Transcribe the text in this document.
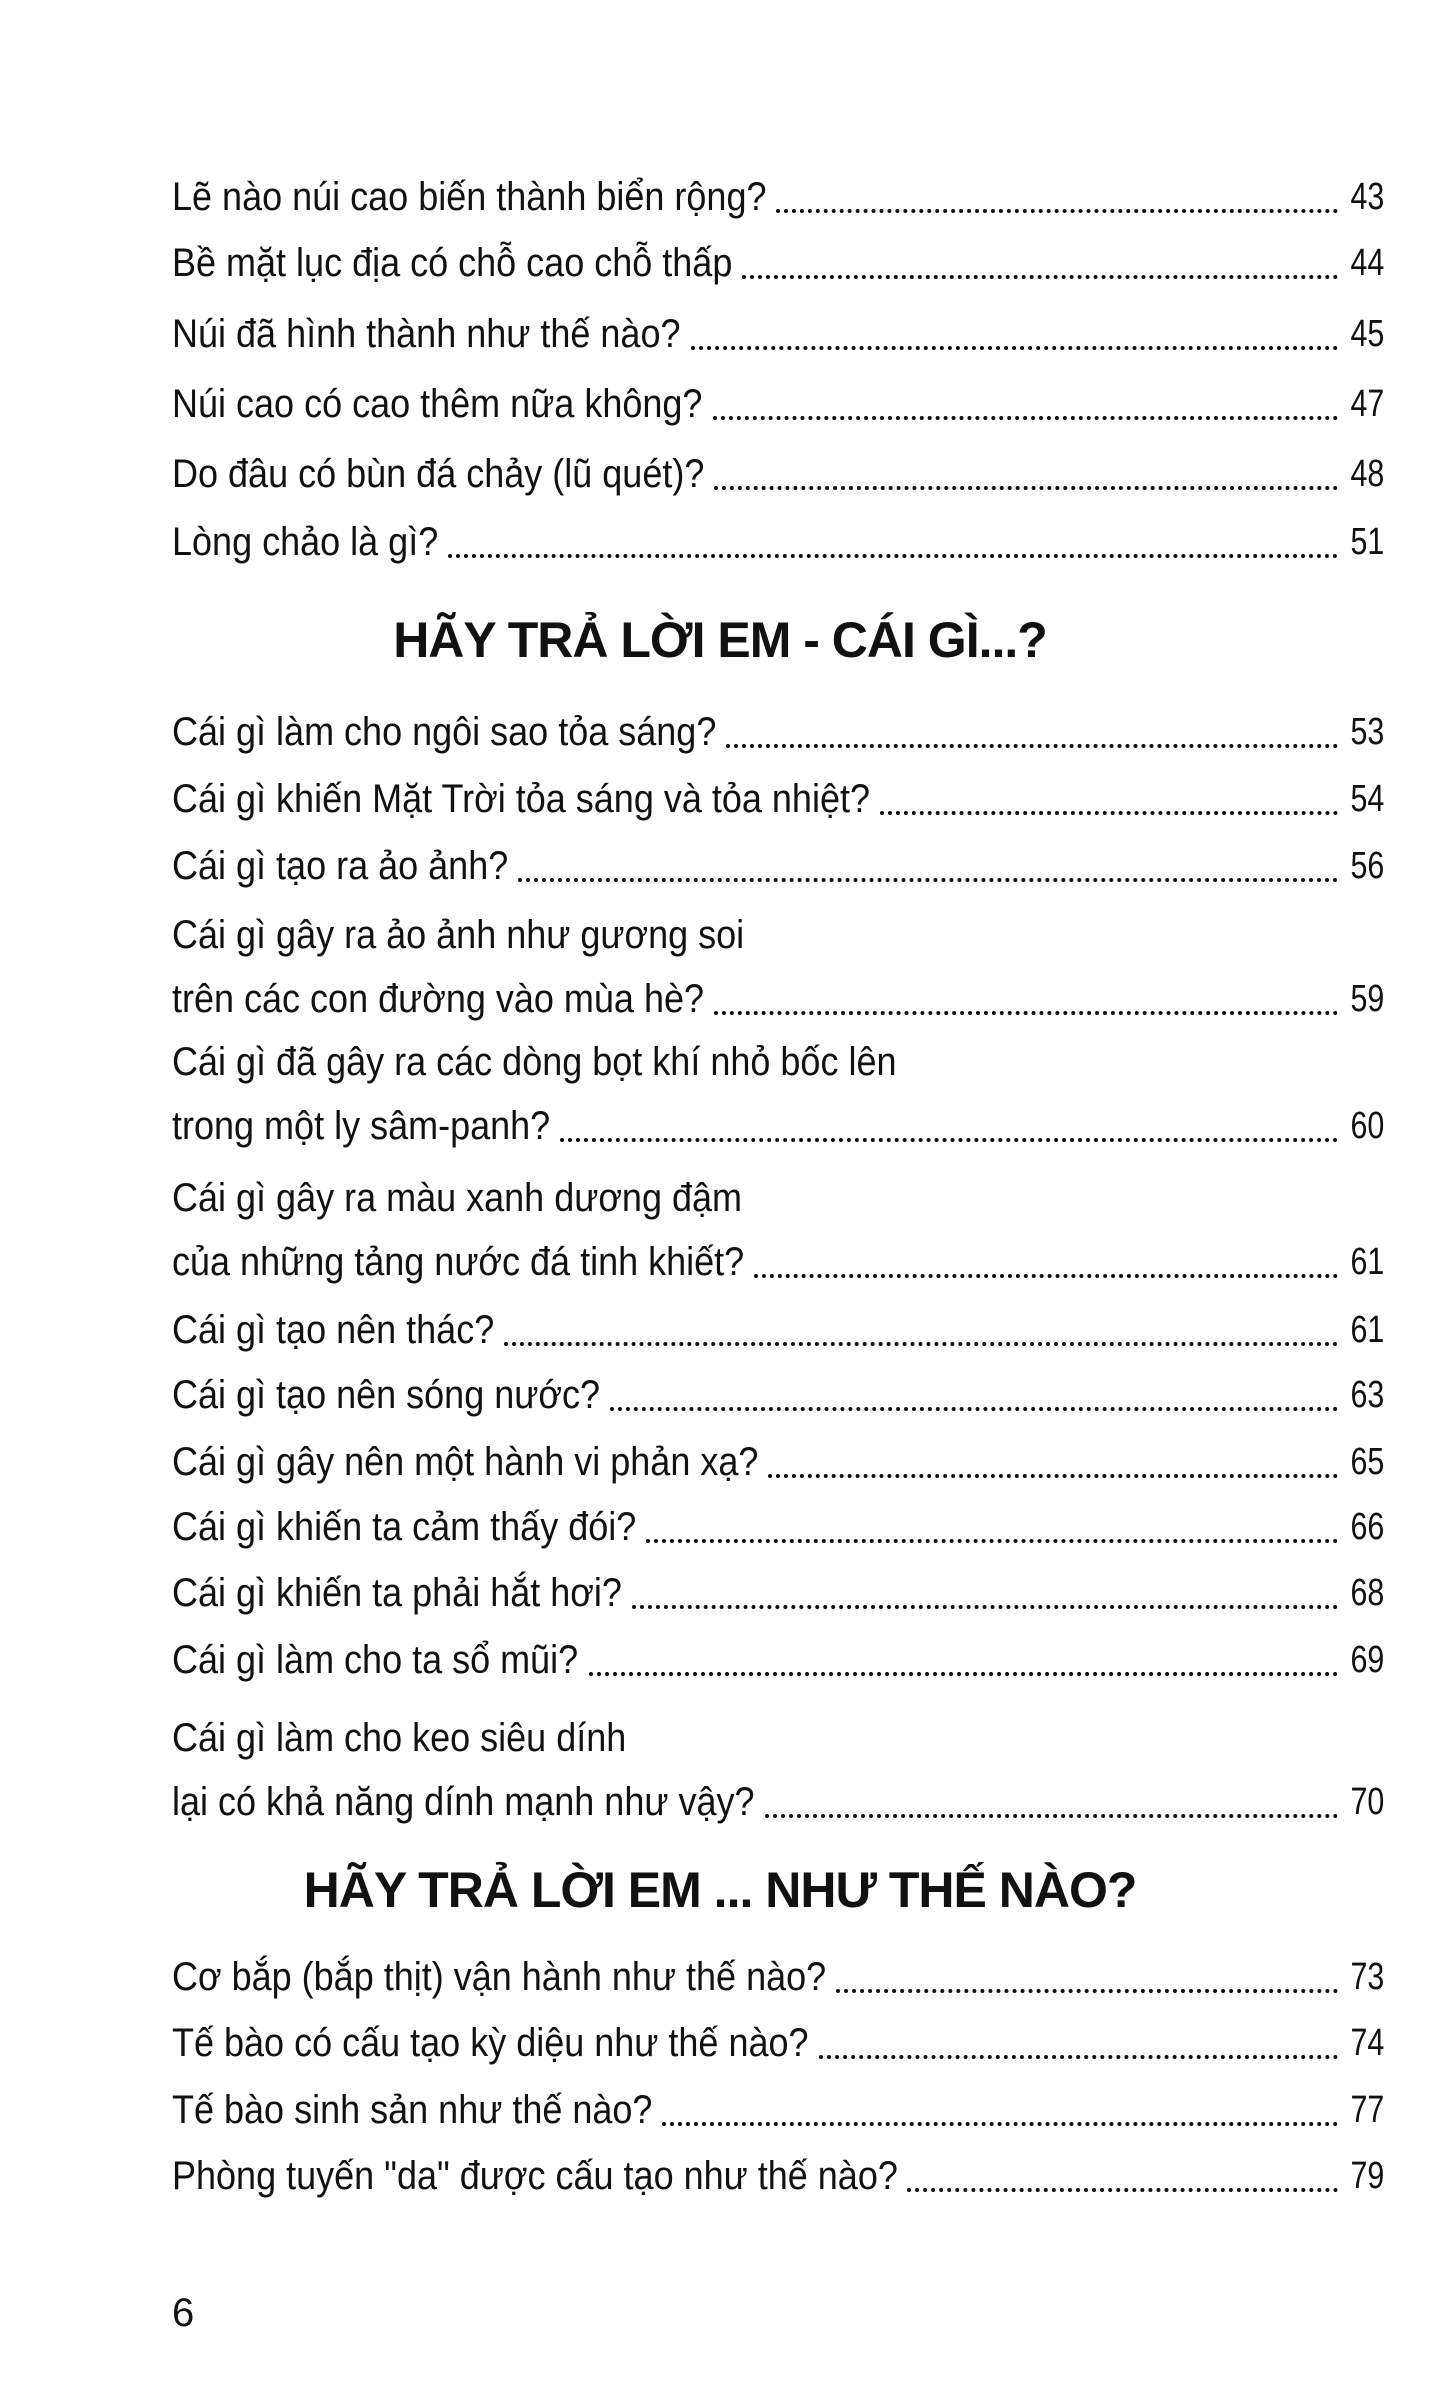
Lẽ nào núi cao biến thành biển rộng?	43
Bề mặt lục địa có chỗ cao chỗ thấp	44
Núi đã hình thành như thế nào?	45
Núi cao có cao thêm nữa không?	47
Do đâu có bùn đá chảy (lũ quét)?	48
Lòng chảo là gì?	51
HÃY TRẢ LỜI EM - CÁI GÌ...?
Cái gì làm cho ngôi sao tỏa sáng?	53
Cái gì khiến Mặt Trời tỏa sáng và tỏa nhiệt?	54
Cái gì tạo ra ảo ảnh?	56
Cái gì gây ra ảo ảnh như gương soi
trên các con đường vào mùa hè?	59
Cái gì đã gây ra các dòng bọt khí nhỏ bốc lên
trong một ly sâm-panh?	60
Cái gì gây ra màu xanh dương đậm
của những tảng nước đá tinh khiết?	61
Cái gì tạo nên thác?	61
Cái gì tạo nên sóng nước?	63
Cái gì gây nên một hành vi phản xạ?	65
Cái gì khiến ta cảm thấy đói?	66
Cái gì khiến ta phải hắt hơi?	68
Cái gì làm cho ta sổ mũi?	69
Cái gì làm cho keo siêu dính
lại có khả năng dính mạnh như vậy?	70
HÃY TRẢ LỜI EM ... NHƯ THẾ NÀO?
Cơ bắp (bắp thịt) vận hành như thế nào?	73
Tế bào có cấu tạo kỳ diệu như thế nào?	74
Tế bào sinh sản như thế nào?	77
Phòng tuyến "da" được cấu tạo như thế nào?	79
6
